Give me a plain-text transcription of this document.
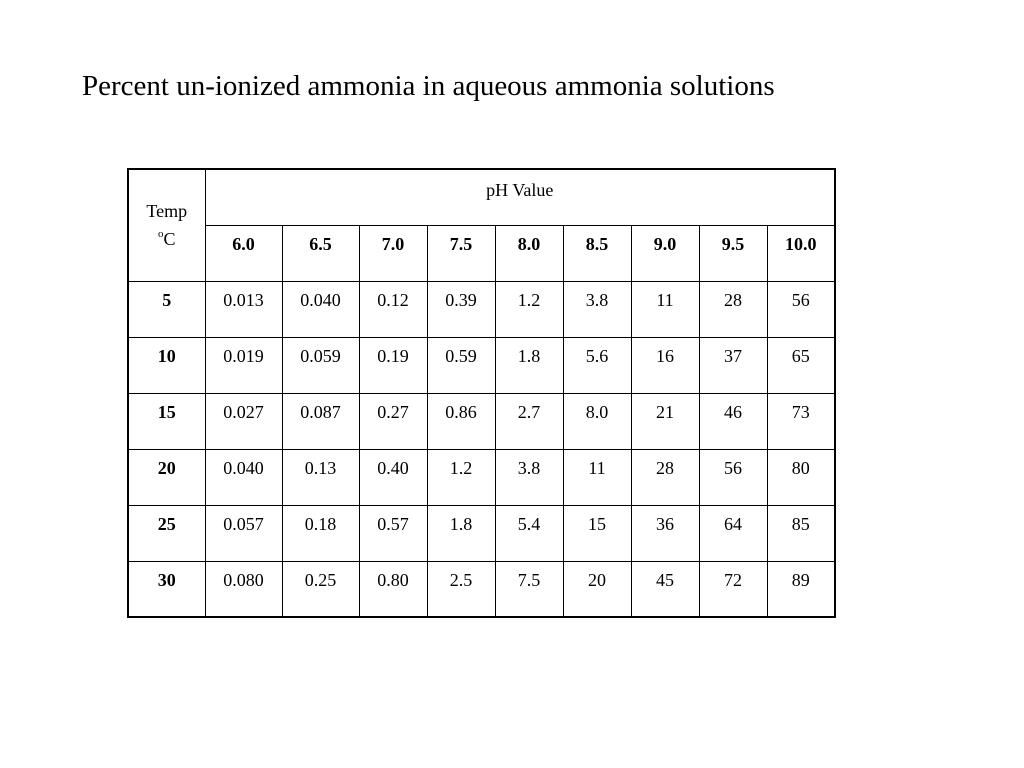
Percent un-ionized ammonia in aqueous ammonia solutions
Temp
$^o$C	pH Value								
	6.0	6.5	7.0	7.5	8.0	8.5	9.0	9.5	10.0
5	0.013	0.040	0.12	0.39	1.2	3.8	11	28	56
10	0.019	0.059	0.19	0.59	1.8	5.6	16	37	65
15	0.027	0.087	0.27	0.86	2.7	8.0	21	46	73
20	0.040	0.13	0.40	1.2	3.8	11	28	56	80
25	0.057	0.18	0.57	1.8	5.4	15	36	64	85
30	0.080	0.25	0.80	2.5	7.5	20	45	72	89
